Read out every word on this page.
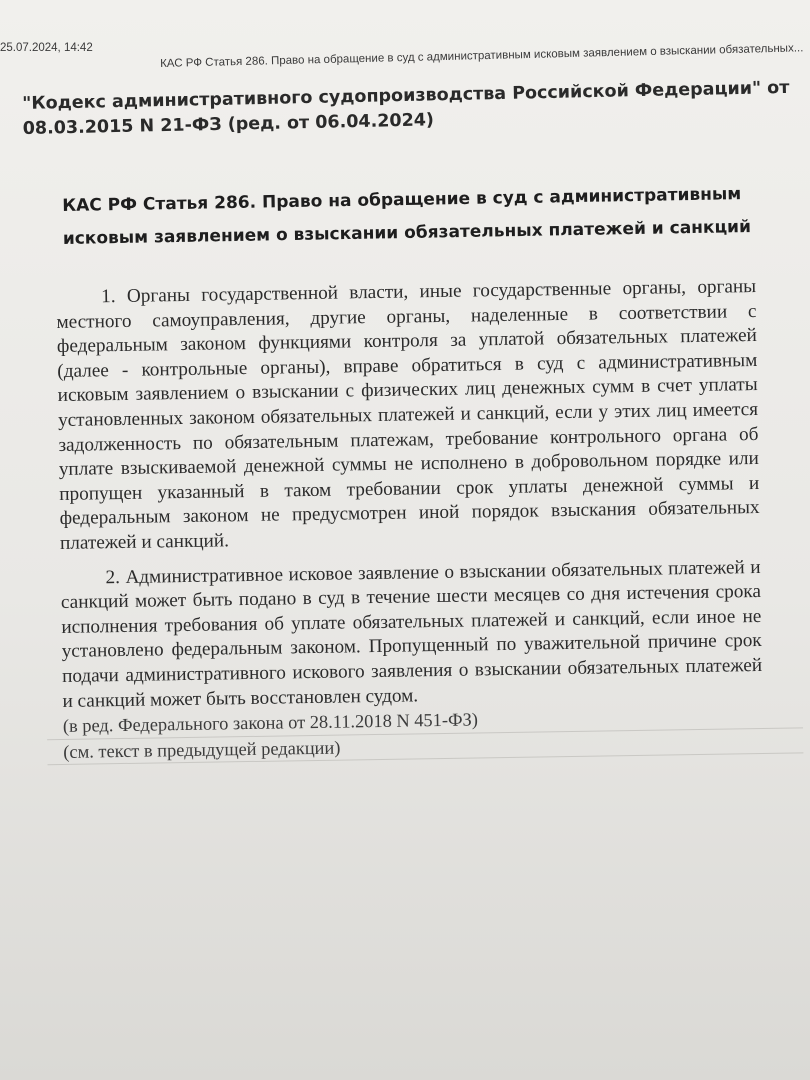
25.07.2024, 14:42	КАС РФ Статья 286. Право на обращение в суд с административным исковым заявлением о взыскании обязательных...
"Кодекс административного судопроизводства Российской Федерации" от 08.03.2015 N 21-ФЗ (ред. от 06.04.2024)
КАС РФ Статья 286. Право на обращение в суд с административным исковым заявлением о взыскании обязательных платежей и санкций

1. Органы государственной власти, иные государственные органы, органы местного самоуправления, другие органы, наделенные в соответствии с федеральным законом функциями контроля за уплатой обязательных платежей (далее - контрольные органы), вправе обратиться в суд с административным исковым заявлением о взыскании с физических лиц денежных сумм в счет уплаты установленных законом обязательных платежей и санкций, если у этих лиц имеется задолженность по обязательным платежам, требование контрольного органа об уплате взыскиваемой денежной суммы не исполнено в добровольном порядке или пропущен указанный в таком требовании срок уплаты денежной суммы и федеральным законом не предусмотрен иной порядок взыскания обязательных платежей и санкций.

2. Административное исковое заявление о взыскании обязательных платежей и санкций может быть подано в суд в течение шести месяцев со дня истечения срока исполнения требования об уплате обязательных платежей и санкций, если иное не установлено федеральным законом. Пропущенный по уважительной причине срок подачи административного искового заявления о взыскании обязательных платежей и санкций может быть восстановлен судом.

(в ред. Федерального закона от 28.11.2018 N 451-ФЗ)

(см. текст в предыдущей редакции)
